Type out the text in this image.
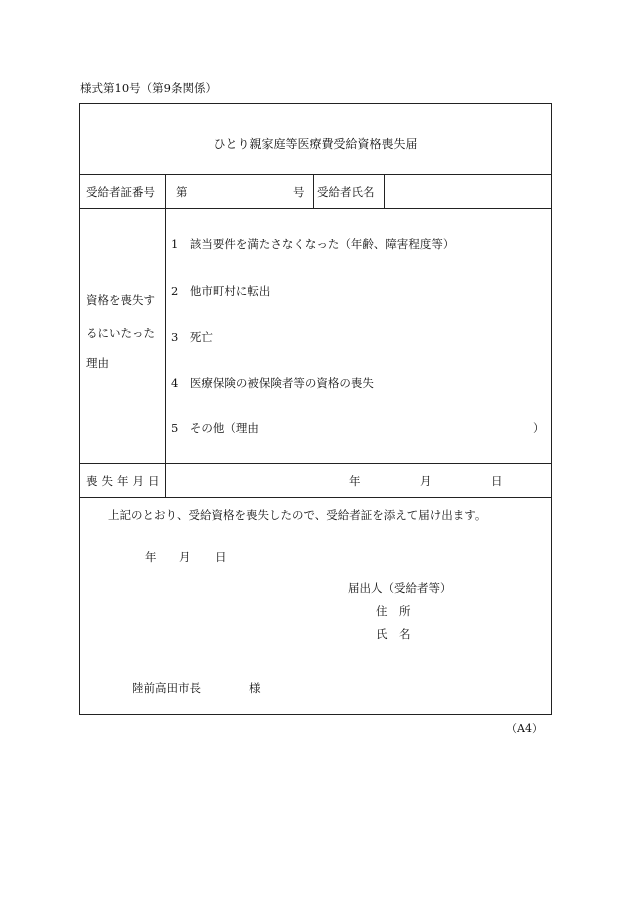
様式第10号（第9条関係）
ひとり親家庭等医療費受給資格喪失届
受給者証番号 第	号 受給者氏名
資格を喪失す
るにいたった
理由
1　該当要件を満たさなくなった（年齢、障害程度等）
2　他市町村に転出
3　死亡
4　医療保険の被保険者等の資格の喪失
5　その他（理由	）
喪失年月日	年	月	日
上記のとおり、受給資格を喪失したので、受給者証を添えて届け出ます。
年 月 日
届出人（受給者等）
住　所
氏　名
陸前高田市長	様
（A4）
